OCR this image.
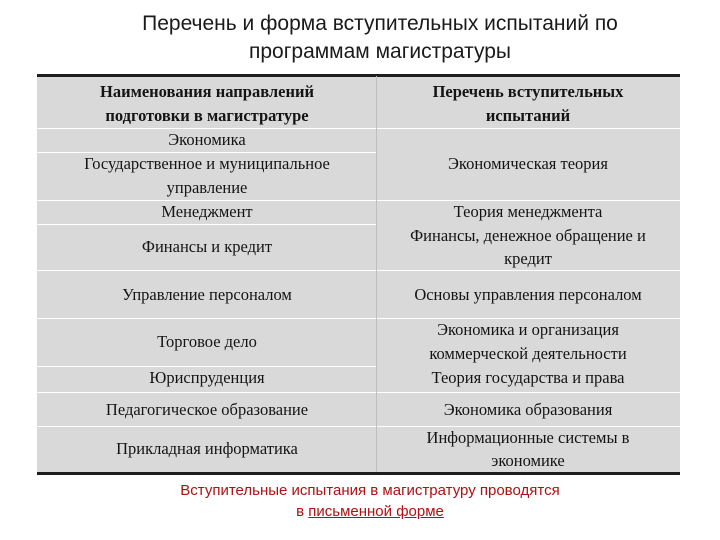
Перечень и форма вступительных испытаний по
программам магистратуры
Наименования направлений
подготовки в магистратуре
Перечень вступительных
испытаний
Экономика
Государственное и муниципальное
управление
Менеджмент
Финансы и кредит
Управление персоналом
Торговое дело
Юриспруденция
Педагогическое образование
Прикладная информатика
Экономическая теория
Теория менеджмента
Финансы, денежное обращение и
кредит
Основы управления персоналом
Экономика и организация
коммерческой деятельности
Теория государства и права
Экономика образования
Информационные системы в
экономике
Вступительные испытания в магистратуру проводятся
в письменной форме
